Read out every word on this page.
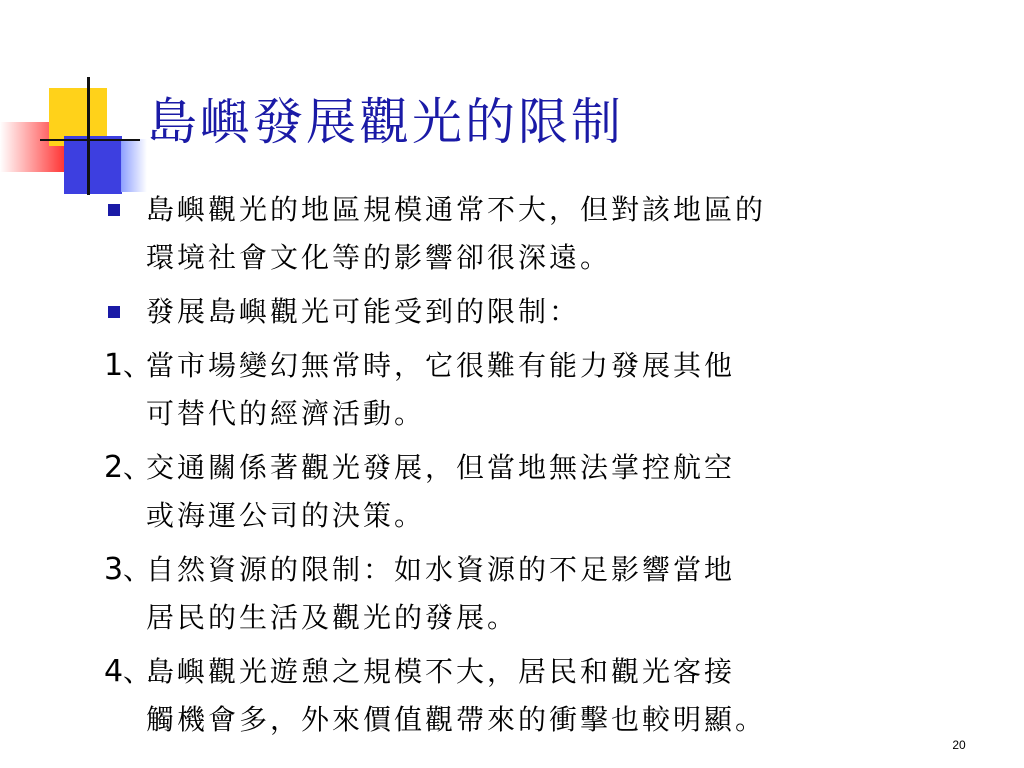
島嶼發展觀光的限制
島嶼觀光的地區規模通常不大，但對該地區的
環境社會文化等的影響卻很深遠。
發展島嶼觀光可能受到的限制：
1 、
當市場變幻無常時，它很難有能力發展其他
可替代的經濟活動。
2 、
交通關係著觀光發展，但當地無法掌控航空
或海運公司的決策。
3 、
自然資源的限制：如水資源的不足影響當地
居民的生活及觀光的發展。
4 、
島嶼觀光遊憩之規模不大，居民和觀光客接
觸機會多，外來價值觀帶來的衝擊也較明顯。
20
